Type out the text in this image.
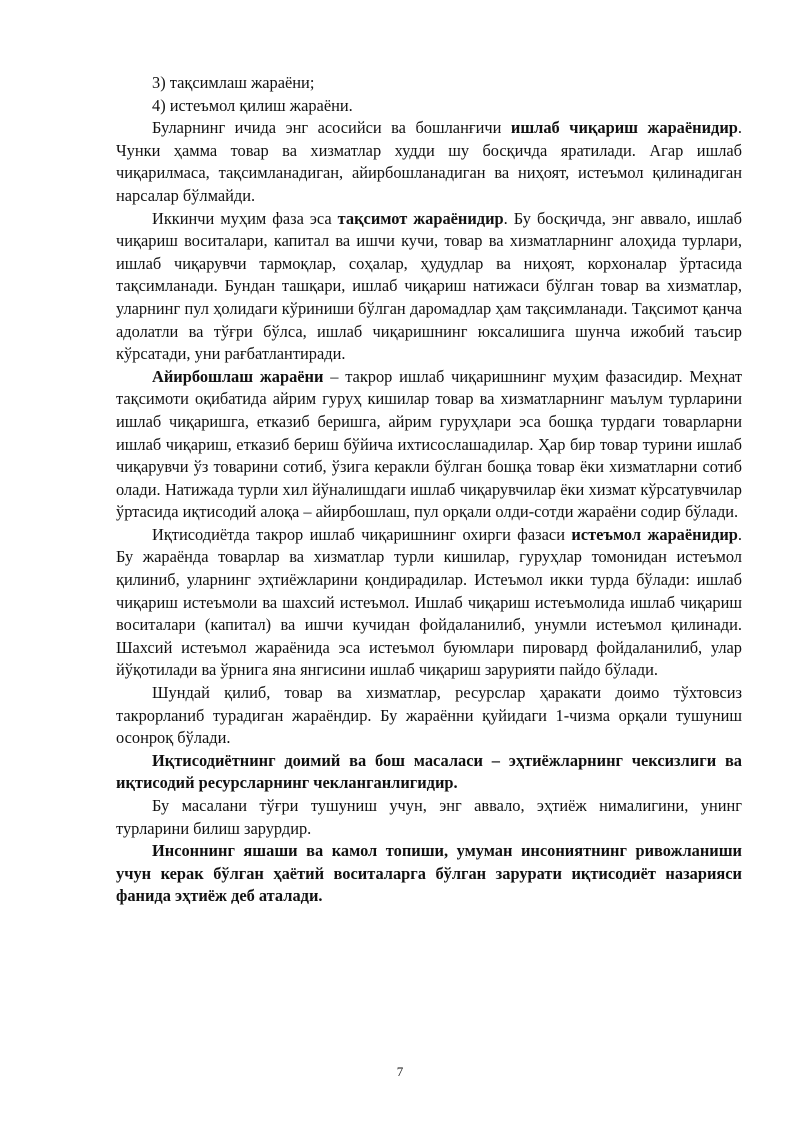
3) тақсимлаш жараёни;

4) истеъмол қилиш жараёни.

Буларнинг ичида энг асосийси ва бошланғичи ишлаб чиқариш жараёнидир. Чунки ҳамма товар ва хизматлар худди шу босқичда яратилади. Агар ишлаб чиқарилмаса, тақсимланадиган, айирбошланадиган ва ниҳоят, истеъмол қилинадиган нарсалар бўлмайди.

Иккинчи муҳим фаза эса тақсимот жараёнидир. Бу босқичда, энг аввало, ишлаб чиқариш воситалари, капитал ва ишчи кучи, товар ва хизматларнинг алоҳида турлари, ишлаб чиқарувчи тармоқлар, соҳалар, ҳудудлар ва ниҳоят, корхоналар ўртасида тақсимланади. Бундан ташқари, ишлаб чиқариш натижаси бўлган товар ва хизматлар, уларнинг пул ҳолидаги кўриниши бўлган даромадлар ҳам тақсимланади. Тақсимот қанча адолатли ва тўғри бўлса, ишлаб чиқаришнинг юксалишига шунча ижобий таъсир кўрсатади, уни рағбатлантиради.

Айирбошлаш жараёни – такрор ишлаб чиқаришнинг муҳим фазасидир. Меҳнат тақсимоти оқибатида айрим гуруҳ кишилар товар ва хизматларнинг маълум турларини ишлаб чиқаришга, етказиб беришга, айрим гуруҳлари эса бошқа турдаги товарларни ишлаб чиқариш, етказиб бериш бўйича ихтисослашадилар. Ҳар бир товар турини ишлаб чиқарувчи ўз товарини сотиб, ўзига керакли бўлган бошқа товар ёки хизматларни сотиб олади. Натижада турли хил йўналишдаги ишлаб чиқарувчилар ёки хизмат кўрсатувчилар ўртасида иқтисодий алоқа – айирбошлаш, пул орқали олди-сотди жараёни содир бўлади.

Иқтисодиётда такрор ишлаб чиқаришнинг охирги фазаси истеъмол жараёнидир. Бу жараёнда товарлар ва хизматлар турли кишилар, гуруҳлар томонидан истеъмол қилиниб, уларнинг эҳтиёжларини қондирадилар. Истеъмол икки турда бўлади: ишлаб чиқариш истеъмоли ва шахсий истеъмол. Ишлаб чиқариш истеъмолида ишлаб чиқариш воситалари (капитал) ва ишчи кучидан фойдаланилиб, унумли истеъмол қилинади. Шахсий истеъмол жараёнида эса истеъмол буюмлари пировард фойдаланилиб, улар йўқотилади ва ўрнига яна янгисини ишлаб чиқариш зарурияти пайдо бўлади.

Шундай қилиб, товар ва хизматлар, ресурслар ҳаракати доимо тўхтовсиз такрорланиб турадиган жараёндир. Бу жараённи қуйидаги 1-чизма орқали тушуниш осонроқ бўлади.

Иқтисодиётнинг доимий ва бош масаласи – эҳтиёжларнинг чексизлиги ва иқтисодий ресурсларнинг чекланганлигидир.

Бу масалани тўғри тушуниш учун, энг аввало, эҳтиёж нималигини, унинг турларини билиш зарурдир.

Инсоннинг яшаши ва камол топиши, умуман инсониятнинг ривожланиши учун керак бўлган ҳаётий воситаларга бўлган зарурати иқтисодиёт назарияси фанида эҳтиёж деб аталади.

7
